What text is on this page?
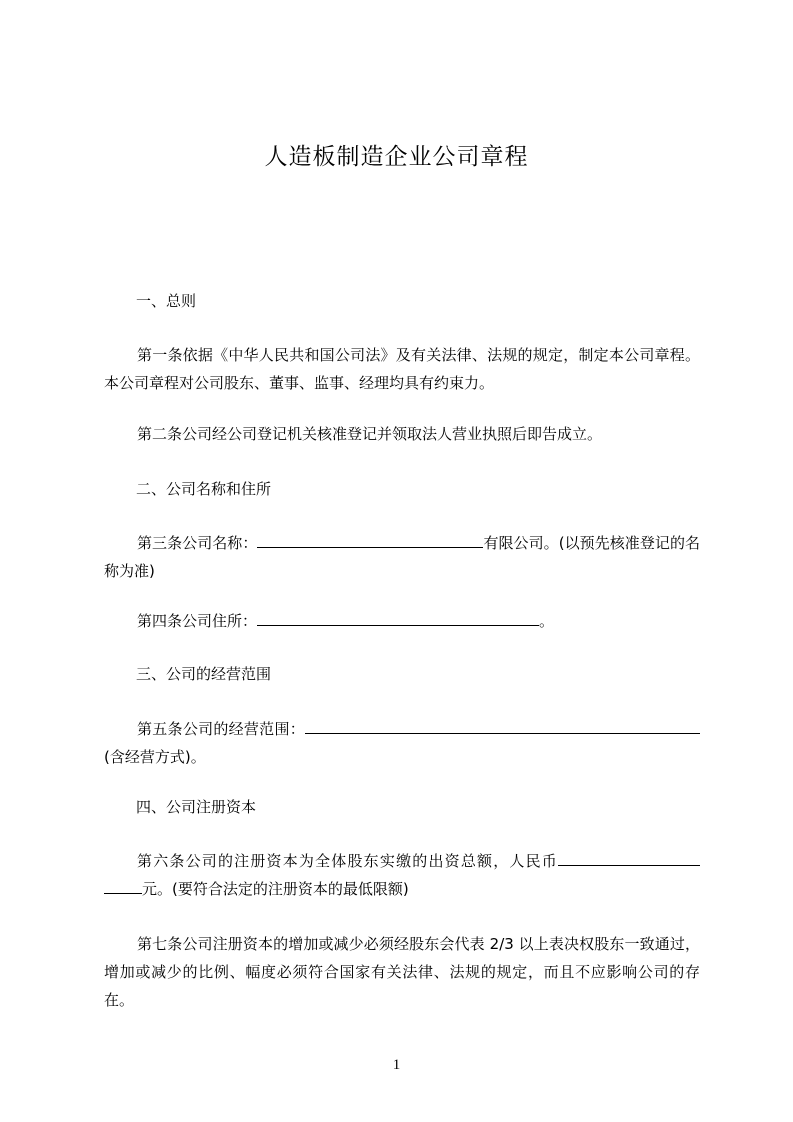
人造板制造企业公司章程

一、总则

第一条依据《中华人民共和国公司法》及有关法律、法规的规定，制定本公司章程。本公司章程对公司股东、董事、监事、经理均具有约束力。

第二条公司经公司登记机关核准登记并领取法人营业执照后即告成立。

二、公司名称和住所

第三条公司名称：	有限公司。(以预先核准登记的名称为准)

第四条公司住所：	。

三、公司的经营范围

第五条公司的经营范围：(含经营方式)。

四、公司注册资本

第六条公司的注册资本为全体股东实缴的出资总额，人民币元。(要符合法定的注册资本的最低限额)

第七条公司注册资本的增加或减少必须经股东会代表 2/3 以上表决权股东一致通过，增加或减少的比例、幅度必须符合国家有关法律、法规的规定，而且不应影响公司的存在。

1
